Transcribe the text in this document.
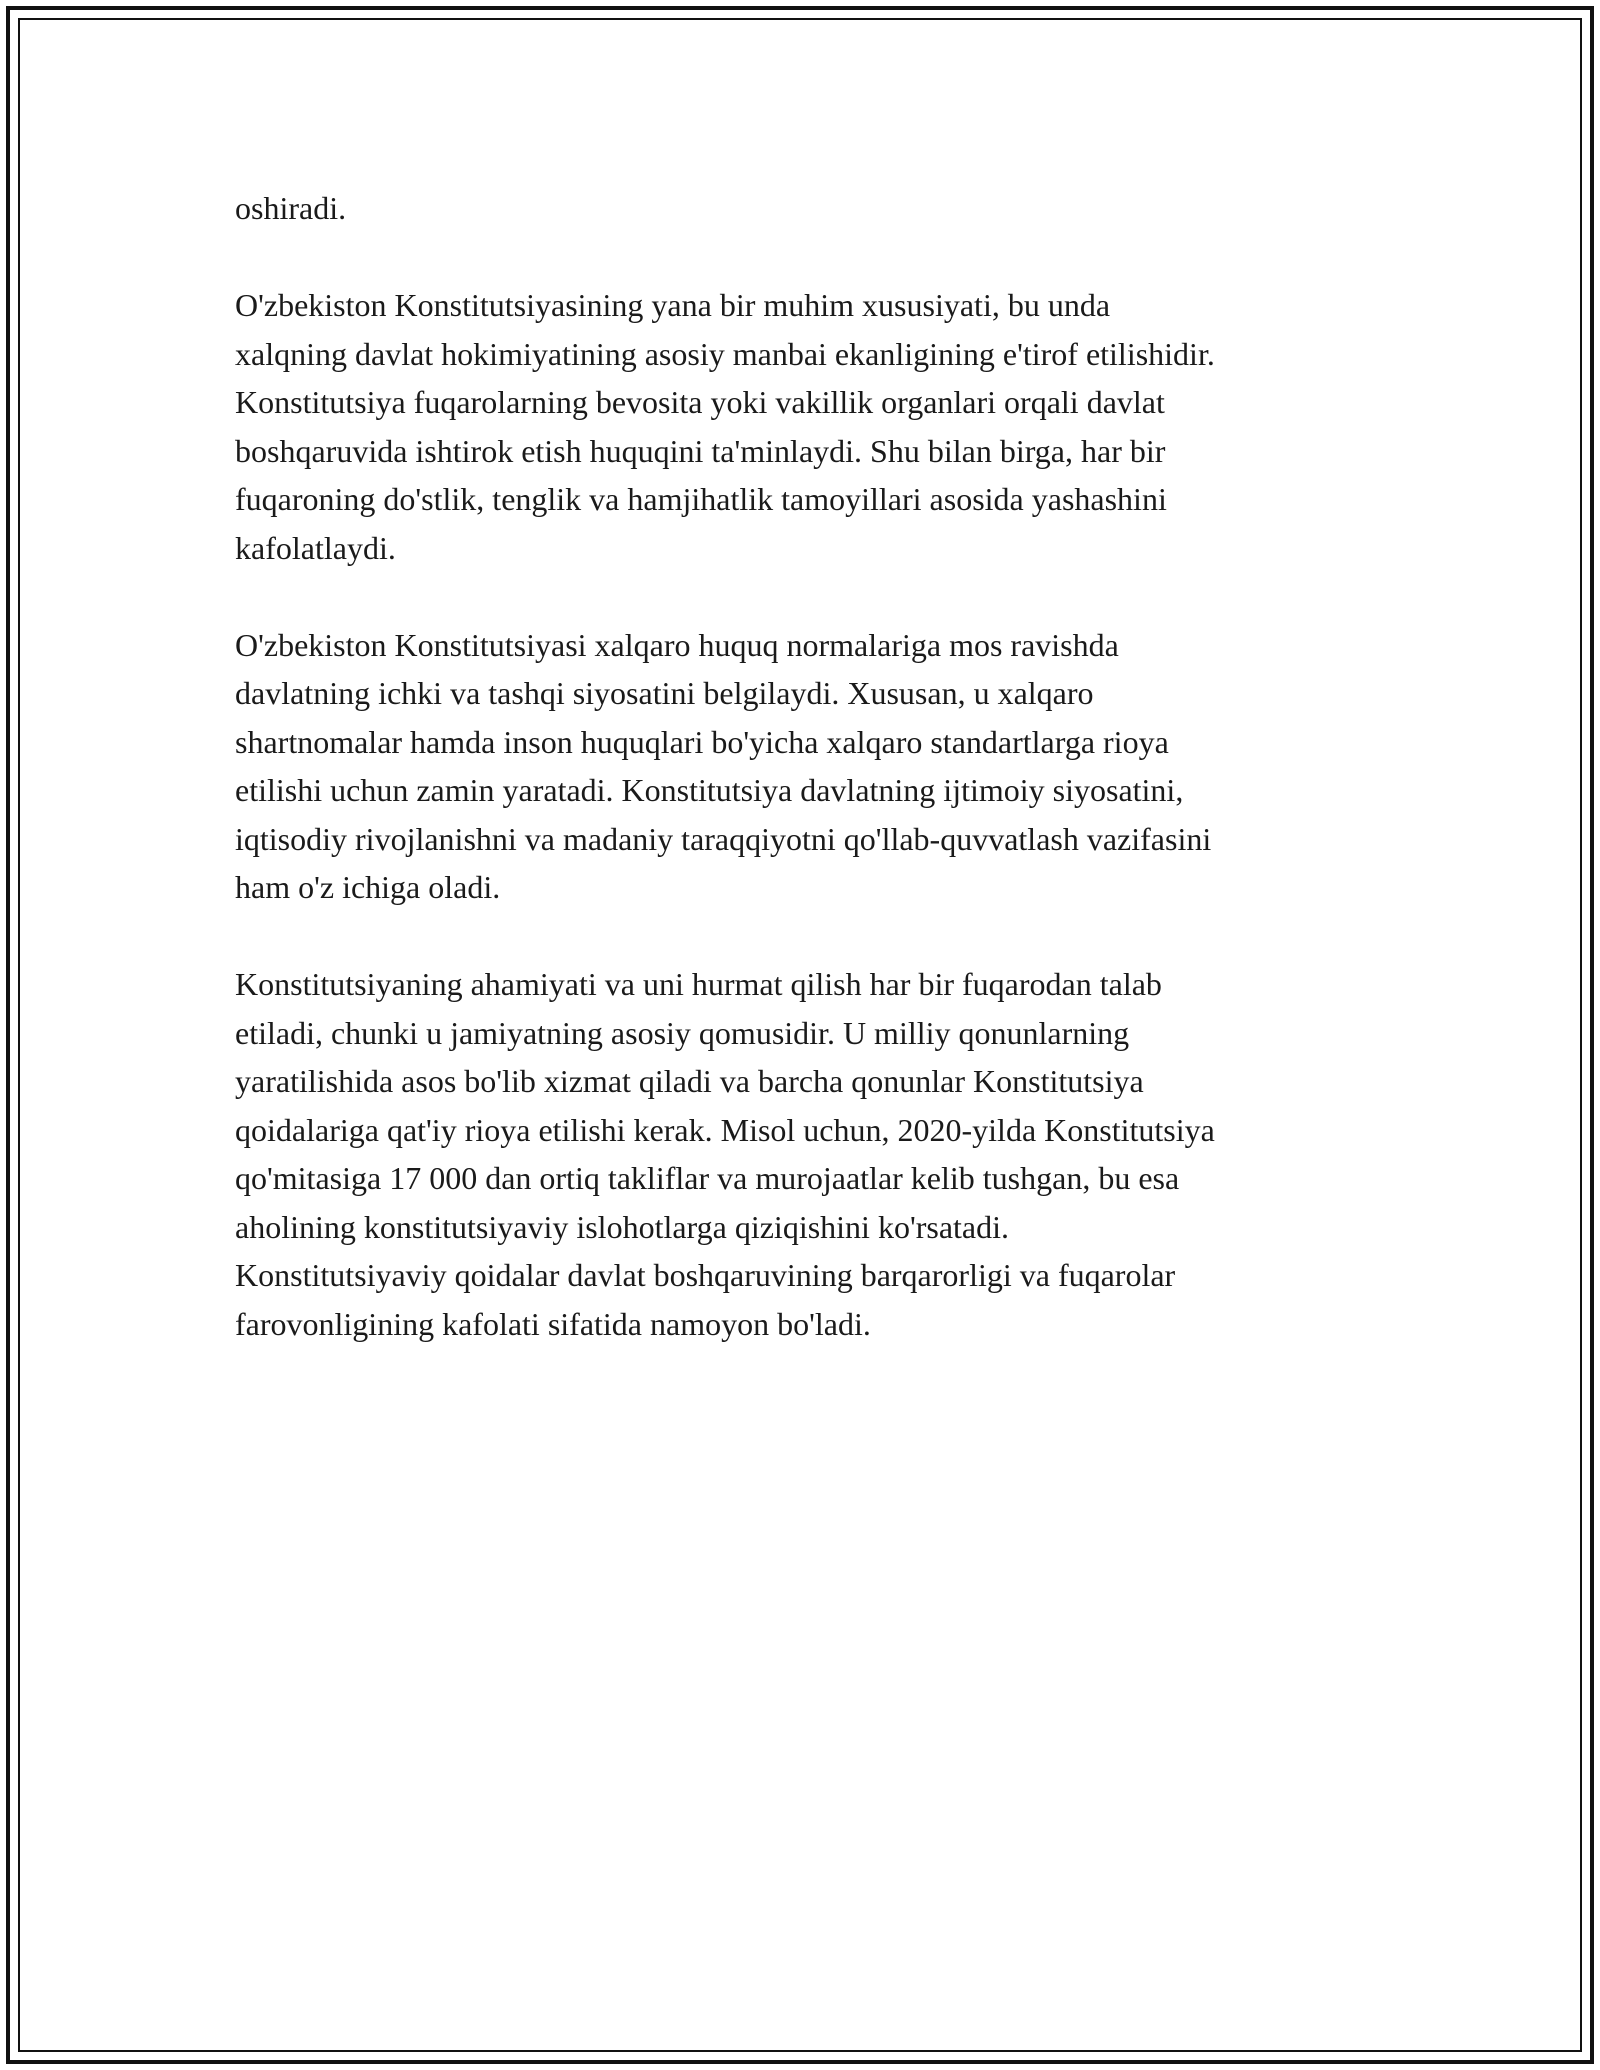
oshiradi.
O'zbekiston Konstitutsiyasining yana bir muhim xususiyati, bu unda
xalqning davlat hokimiyatining asosiy manbai ekanligining e'tirof etilishidir.
Konstitutsiya fuqarolarning bevosita yoki vakillik organlari orqali davlat
boshqaruvida ishtirok etish huquqini ta'minlaydi. Shu bilan birga, har bir
fuqaroning do'stlik, tenglik va hamjihatlik tamoyillari asosida yashashini
kafolatlaydi.
O'zbekiston Konstitutsiyasi xalqaro huquq normalariga mos ravishda
davlatning ichki va tashqi siyosatini belgilaydi. Xususan, u xalqaro
shartnomalar hamda inson huquqlari bo'yicha xalqaro standartlarga rioya
etilishi uchun zamin yaratadi. Konstitutsiya davlatning ijtimoiy siyosatini,
iqtisodiy rivojlanishni va madaniy taraqqiyotni qo'llab-quvvatlash vazifasini
ham o'z ichiga oladi.
Konstitutsiyaning ahamiyati va uni hurmat qilish har bir fuqarodan talab
etiladi, chunki u jamiyatning asosiy qomusidir. U milliy qonunlarning
yaratilishida asos bo'lib xizmat qiladi va barcha qonunlar Konstitutsiya
qoidalariga qat'iy rioya etilishi kerak. Misol uchun, 2020-yilda Konstitutsiya
qo'mitasiga 17 000 dan ortiq takliflar va murojaatlar kelib tushgan, bu esa
aholining konstitutsiyaviy islohotlarga qiziqishini ko'rsatadi.
Konstitutsiyaviy qoidalar davlat boshqaruvining barqarorligi va fuqarolar
farovonligining kafolati sifatida namoyon bo'ladi.
